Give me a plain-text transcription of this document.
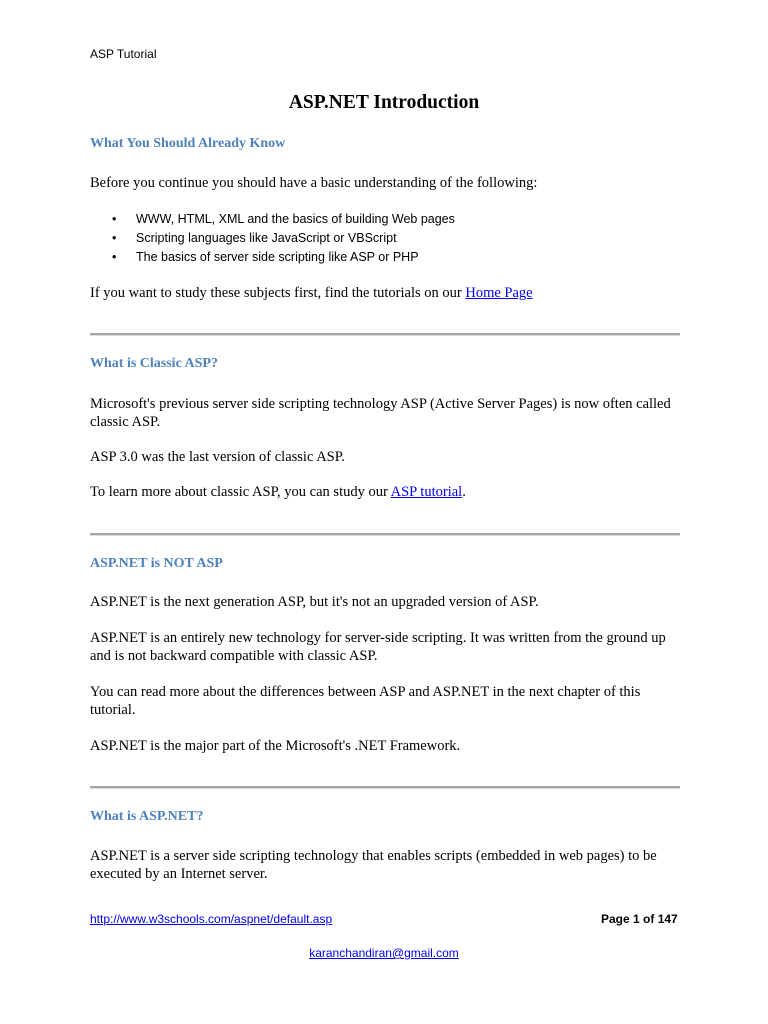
ASP Tutorial
ASP.NET Introduction
What You Should Already Know

Before you continue you should have a basic understanding of the following:

• WWW, HTML, XML and the basics of building Web pages
• Scripting languages like JavaScript or VBScript
• The basics of server side scripting like ASP or PHP

If you want to study these subjects first, find the tutorials on our Home Page

What is Classic ASP?

Microsoft's previous server side scripting technology ASP (Active Server Pages) is now often called classic ASP.

ASP 3.0 was the last version of classic ASP.

To learn more about classic ASP, you can study our ASP tutorial.

ASP.NET is NOT ASP

ASP.NET is the next generation ASP, but it's not an upgraded version of ASP.

ASP.NET is an entirely new technology for server-side scripting. It was written from the ground up and is not backward compatible with classic ASP.

You can read more about the differences between ASP and ASP.NET in the next chapter of this tutorial.

ASP.NET is the major part of the Microsoft's .NET Framework.

What is ASP.NET?

ASP.NET is a server side scripting technology that enables scripts (embedded in web pages) to be executed by an Internet server.

http://www.w3schools.com/aspnet/default.asp	Page 1 of 147
karanchandiran@gmail.com
